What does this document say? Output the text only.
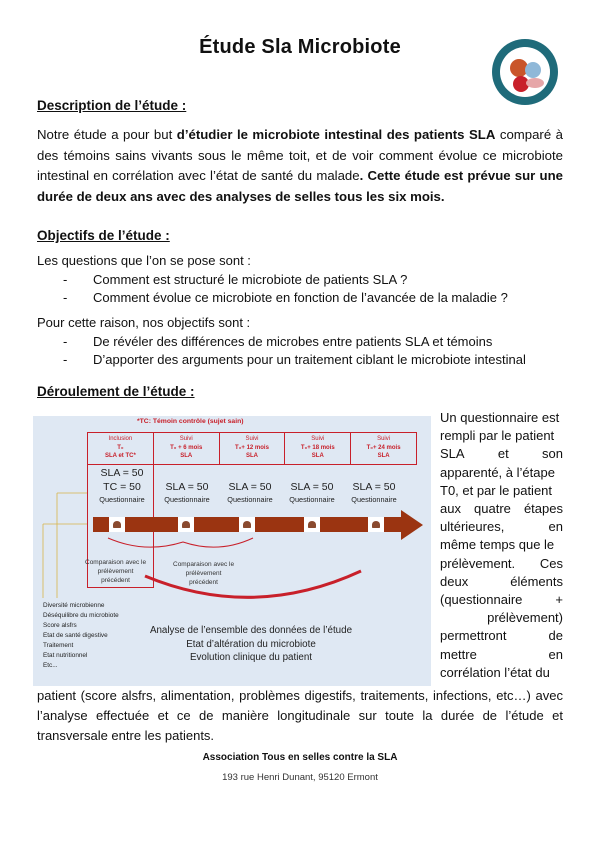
Étude Sla Microbiote
Description de l’étude :
Notre étude a pour but d’étudier le microbiote intestinal des patients SLA comparé à des témoins sains vivants sous le même toit, et de voir comment évolue ce microbiote intestinal en corrélation avec l’état de santé du malade. Cette étude est prévue sur une durée de deux ans avec des analyses de selles tous les six mois.
Objectifs de l’étude :
Les questions que l’on se pose sont :
-	Comment est structuré le microbiote de patients SLA ?
-	Comment évolue ce microbiote en fonction de l’avancée de la maladie ?
Pour cette raison, nos objectifs sont :
-	De révéler des différences de microbes entre patients SLA et témoins
-	D’apporter des arguments pour un traitement ciblant le microbiote intestinal
Déroulement de l’étude :
*TC: Témoin contrôle (sujet sain)
Inclusion
T₀
SLA et TC*
Suivi
T₀ + 6 mois
SLA
Suivi
T₀+ 12 mois
SLA
Suivi
T₀+ 18 mois
SLA
Suivi
T₀+ 24 mois
SLA
SLA = 50
TC = 50
Questionnaire
SLA = 50
Questionnaire
SLA = 50
Questionnaire
SLA = 50
Questionnaire
SLA = 50
Questionnaire
Comparaison avec le
prélèvement
précédent
Comparaison avec le
prélèvement
précédent
Diversité microbienne
Déséquilibre du microbiote
Score alsfrs
Etat de santé digestive
Traitement
Etat nutritionnel
Etc...
Analyse de l’ensemble des données de l’étude
Etat d’altération du microbiote
Evolution clinique du patient
Un questionnaire est
rempli par le patient
SLA	et	son
apparenté, à l’étape
T0, et par le patient
aux quatre étapes
ultérieures,	en
même temps que le
prélèvement. Ces
deux	éléments
(questionnaire	+
prélèvement)
permettront	de
mettre	en
corrélation l’état du
patient (score alsfrs, alimentation, problèmes digestifs, traitements, infections, etc…) avec l’analyse effectuée et ce de manière longitudinale sur toute la durée de l’étude et transversale entre les patients.
Association Tous en selles contre la SLA
193 rue Henri Dunant, 95120 Ermont
